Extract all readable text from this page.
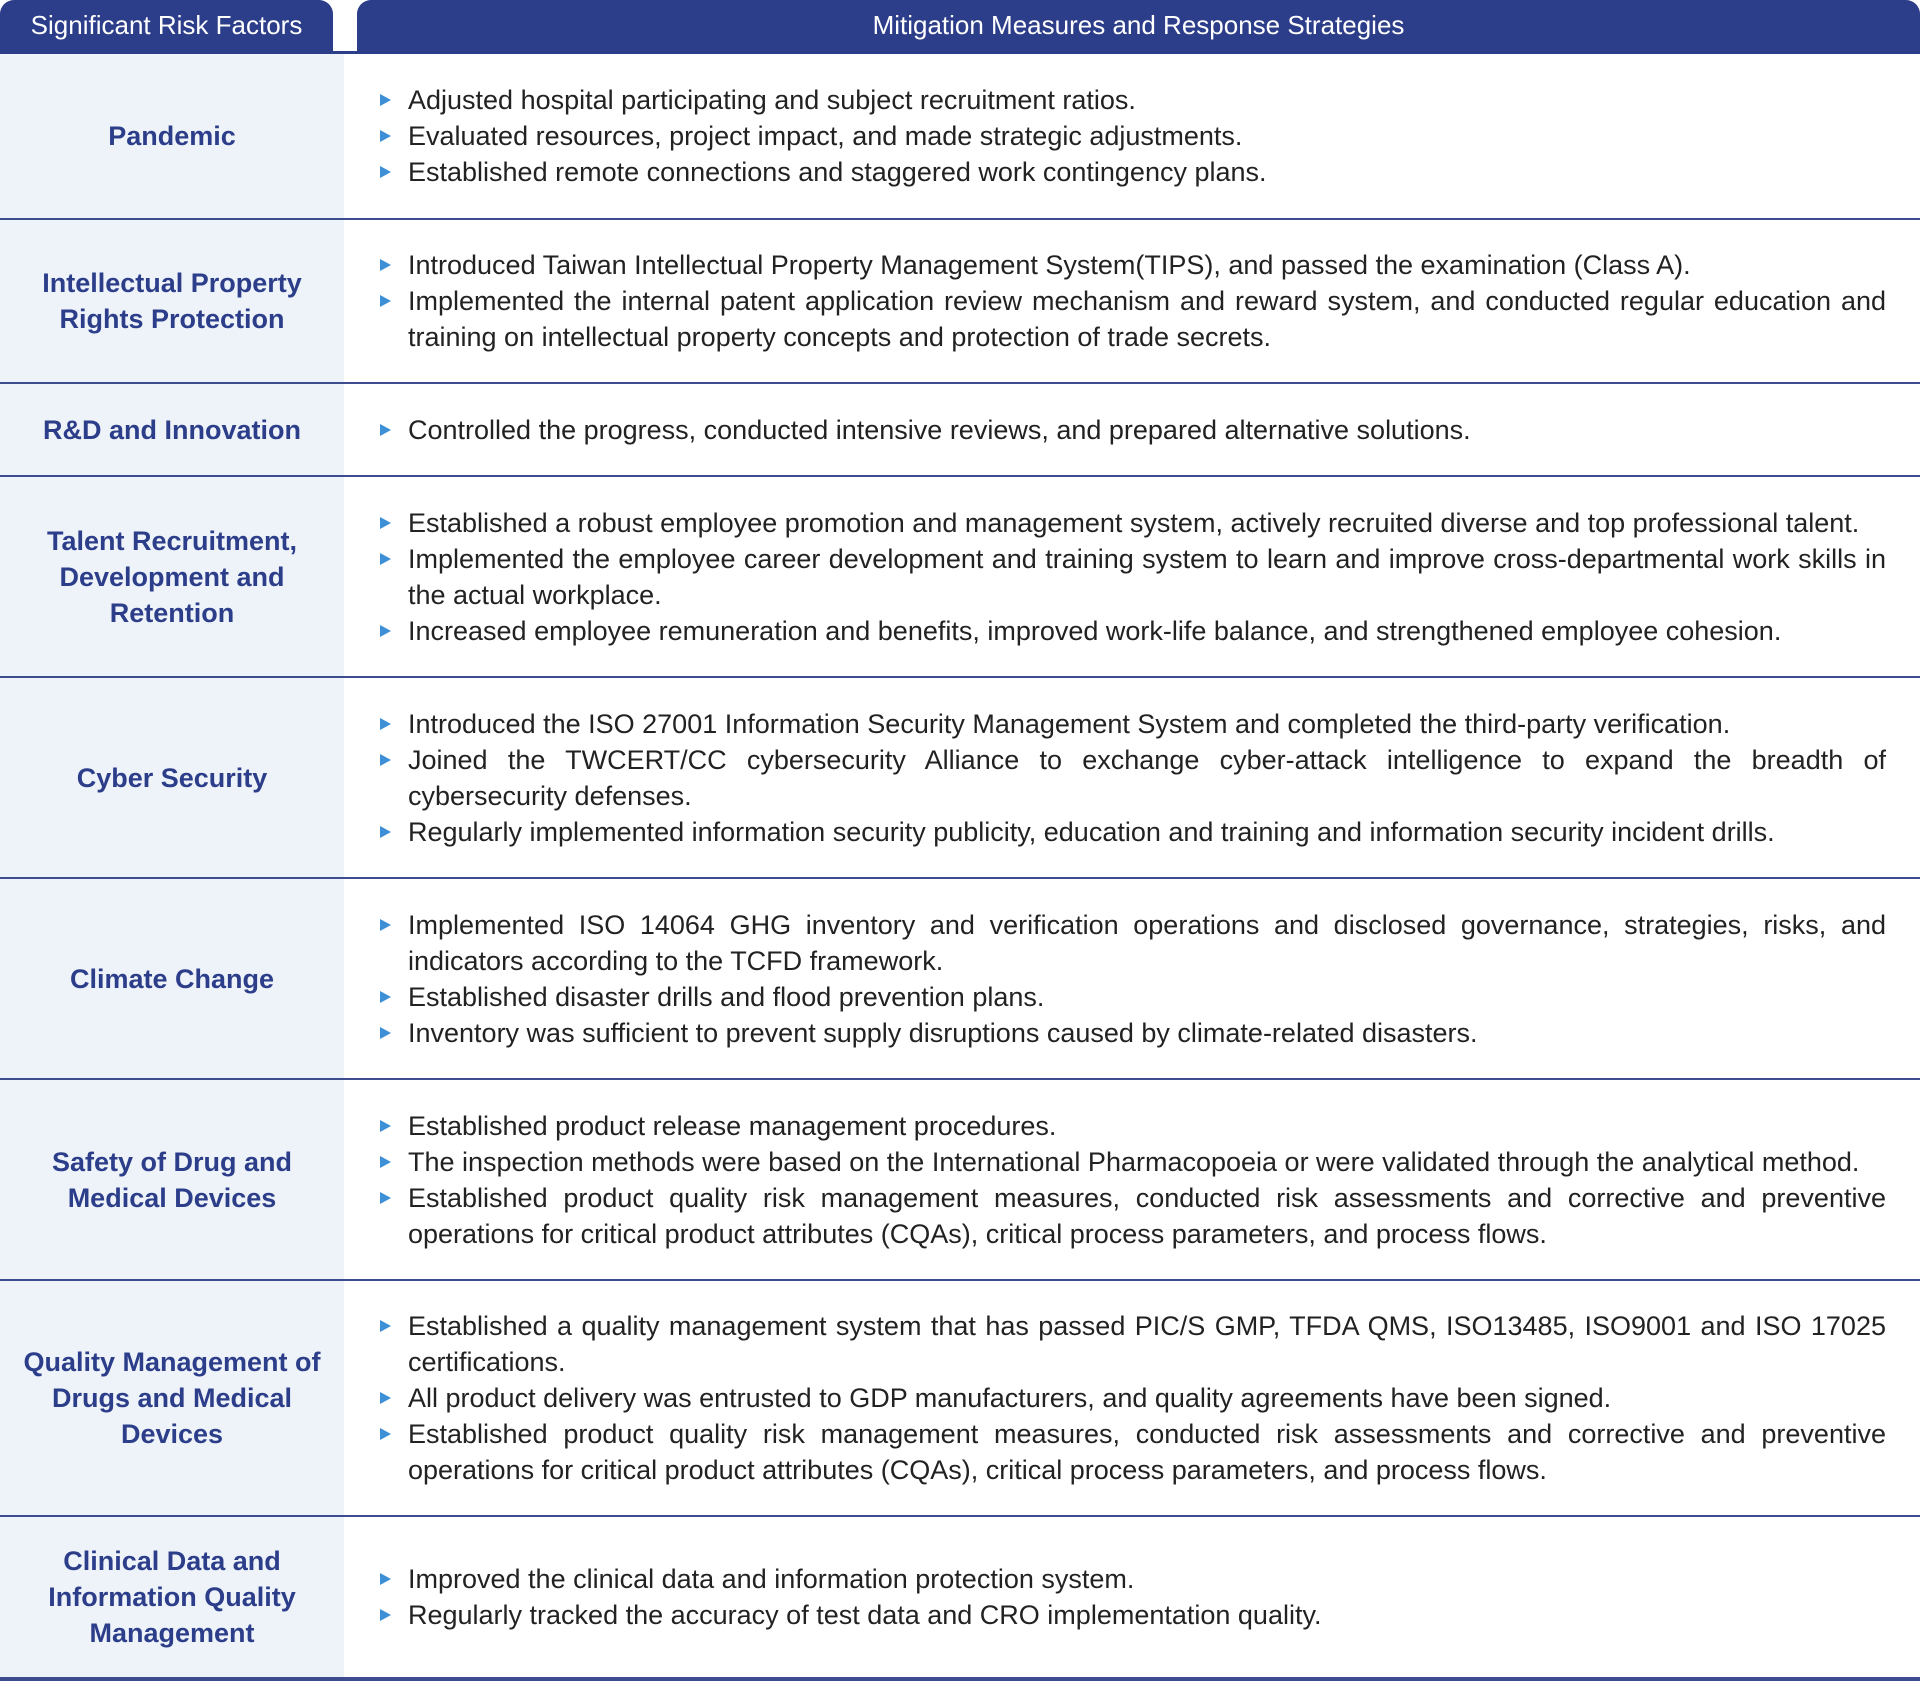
Significant Risk Factors	Mitigation Measures and Response Strategies
Pandemic
Adjusted hospital participating and subject recruitment ratios.
Evaluated resources, project impact, and made strategic adjustments.
Established remote connections and staggered work contingency plans.
Intellectual Property Rights Protection
Introduced Taiwan Intellectual Property Management System(TIPS), and passed the examination (Class A).
Implemented the internal patent application review mechanism and reward system, and conducted regular education and training on intellectual property concepts and protection of trade secrets.
R&D and Innovation	Controlled the progress, conducted intensive reviews, and prepared alternative solutions.
Talent Recruitment, Development and Retention
Established a robust employee promotion and management system, actively recruited diverse and top professional talent.
Implemented the employee career development and training system to learn and improve cross-departmental work skills in the actual workplace.
Increased employee remuneration and benefits, improved work-life balance, and strengthened employee cohesion.
Cyber Security
Introduced the ISO 27001 Information Security Management System and completed the third-party verification.
Joined the TWCERT/CC cybersecurity Alliance to exchange cyber-attack intelligence to expand the breadth of cybersecurity defenses.
Regularly implemented information security publicity, education and training and information security incident drills.
Climate Change
Implemented ISO 14064 GHG inventory and verification operations and disclosed governance, strategies, risks, and indicators according to the TCFD framework.
Established disaster drills and flood prevention plans.
Inventory was sufficient to prevent supply disruptions caused by climate-related disasters.
Safety of Drug and Medical Devices
Established product release management procedures.
The inspection methods were based on the International Pharmacopoeia or were validated through the analytical method.
Established product quality risk management measures, conducted risk assessments and corrective and preventive operations for critical product attributes (CQAs), critical process parameters, and process flows.
Quality Management of Drugs and Medical Devices
Established a quality management system that has passed PIC/S GMP, TFDA QMS, ISO13485, ISO9001 and ISO 17025 certifications.
All product delivery was entrusted to GDP manufacturers, and quality agreements have been signed.
Established product quality risk management measures, conducted risk assessments and corrective and preventive operations for critical product attributes (CQAs), critical process parameters, and process flows.
Clinical Data and Information Quality Management
Improved the clinical data and information protection system.
Regularly tracked the accuracy of test data and CRO implementation quality.
